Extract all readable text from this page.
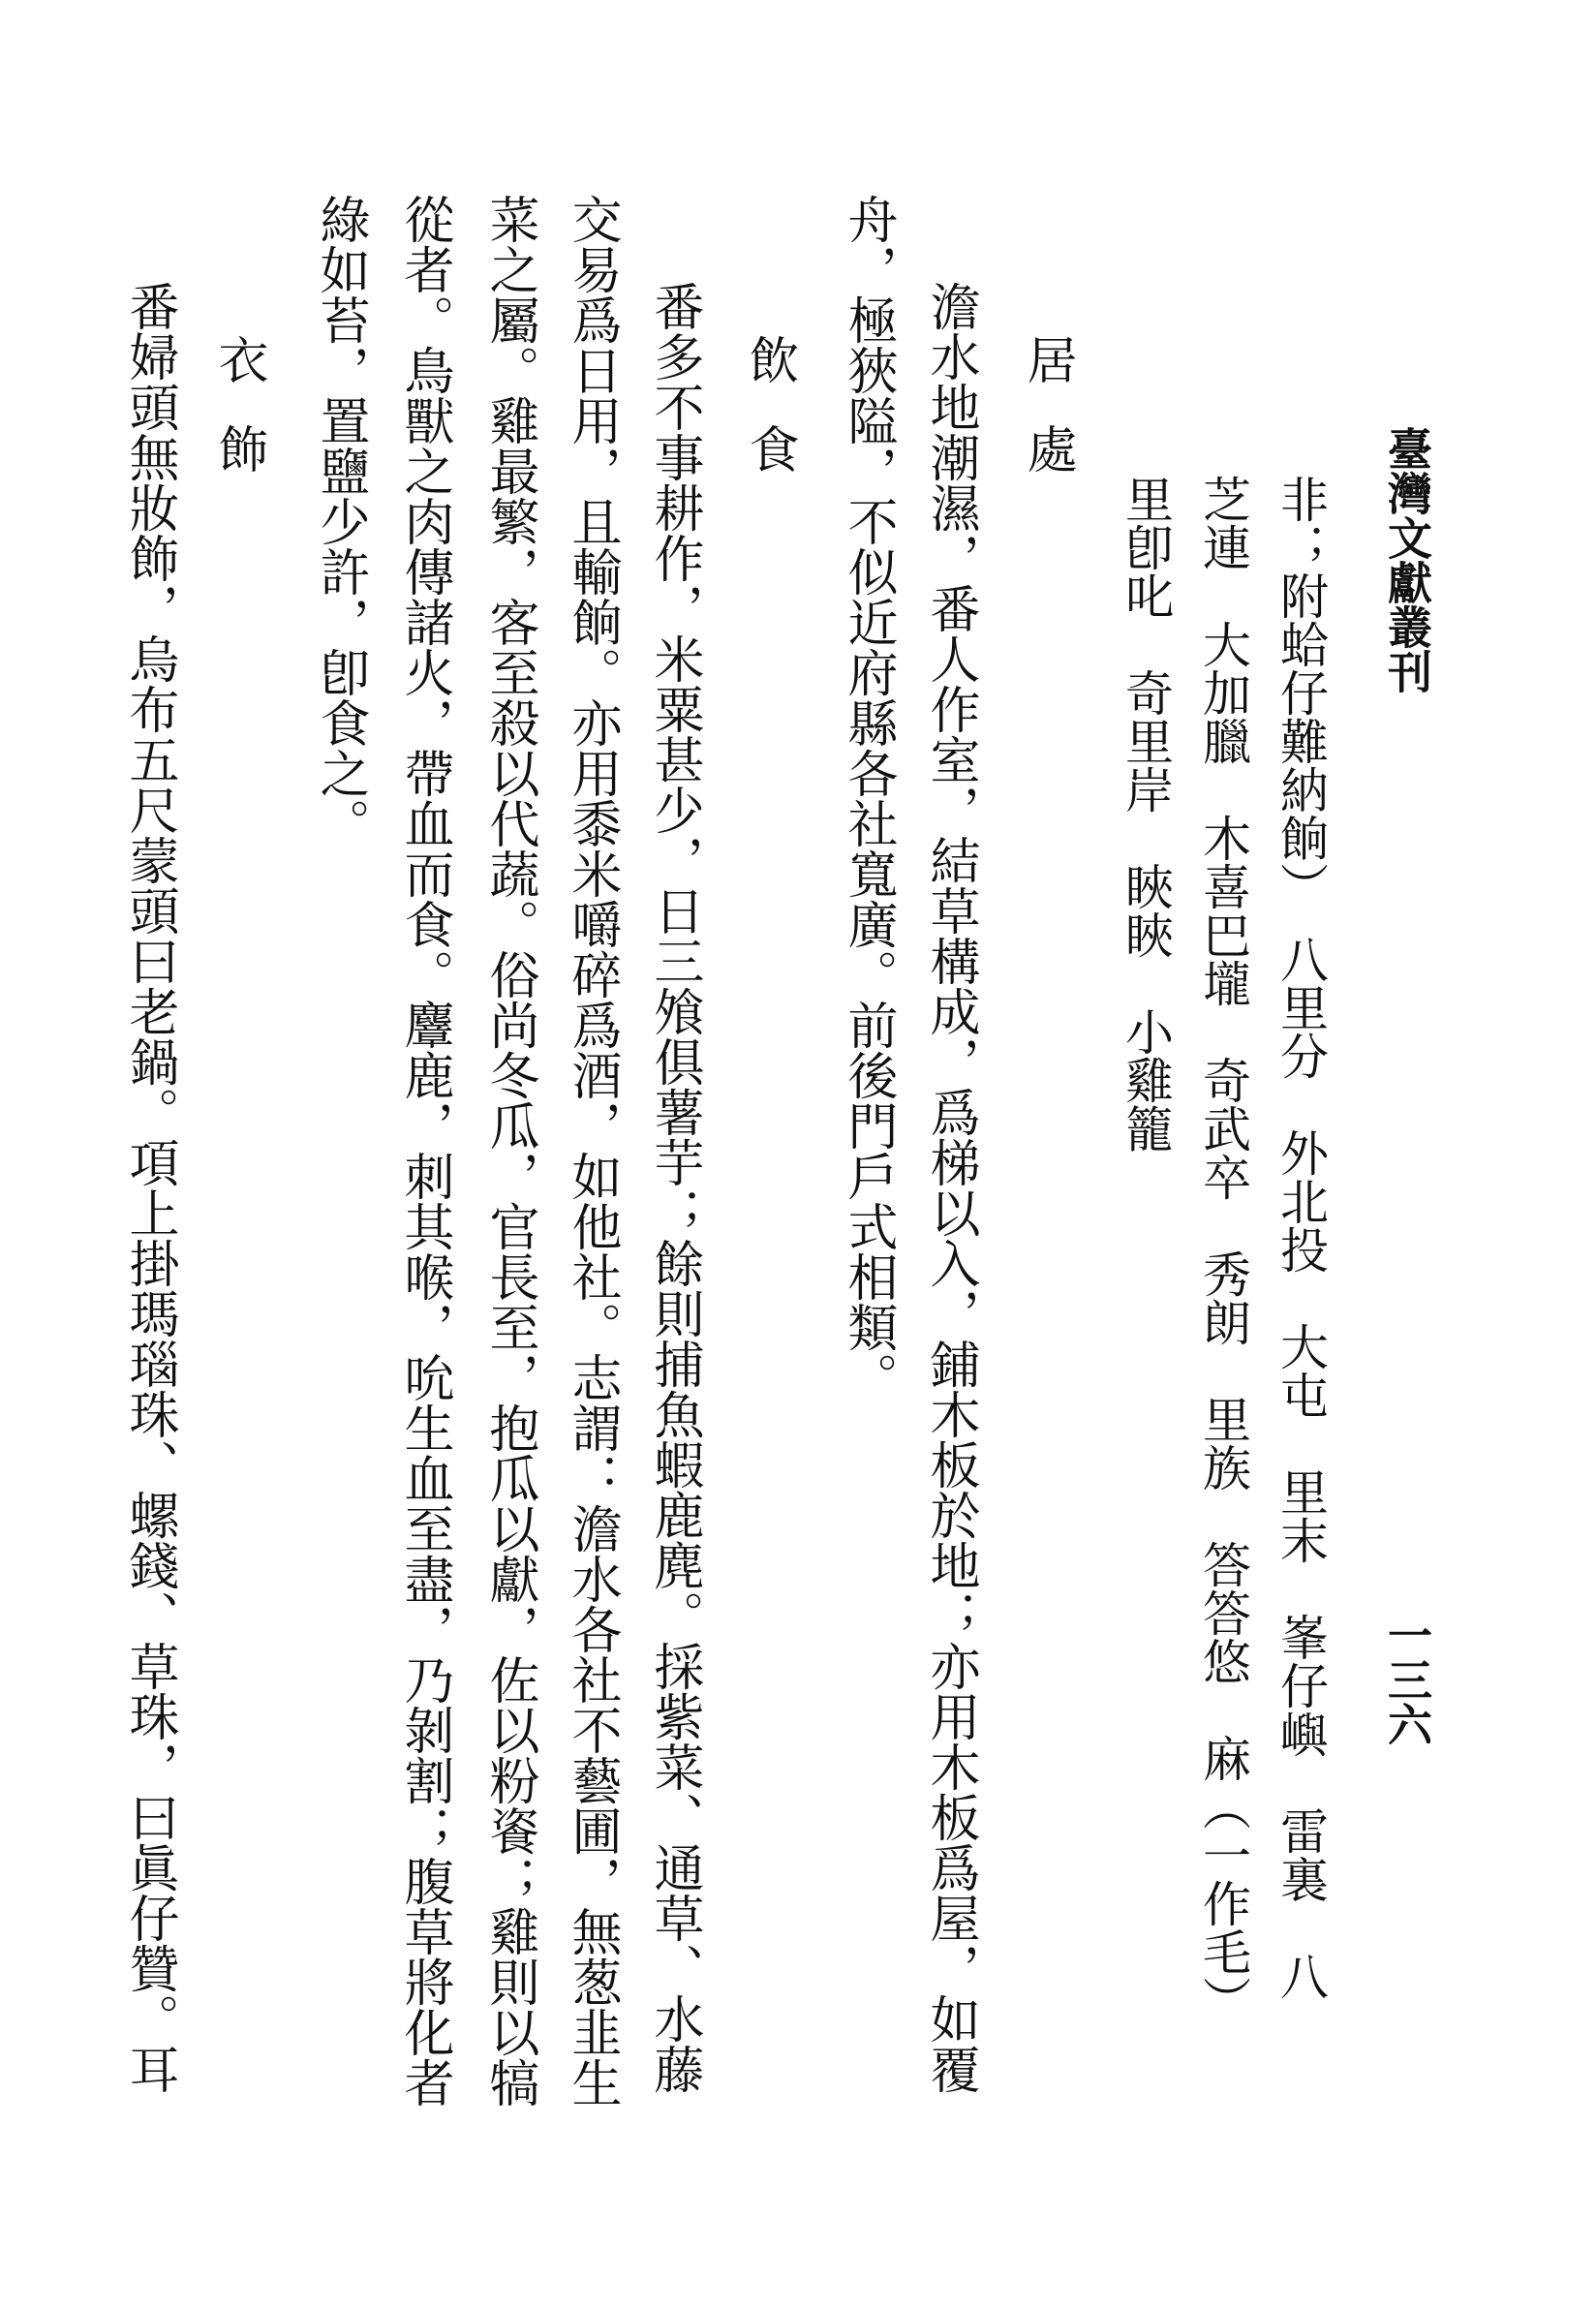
臺灣文獻叢刊
一三六
非；附蛤仔難納餉）　八里分　外北投　大屯　里末　峯仔嶼　雷裏　八
芝連　大加臘　木喜巴壠　奇武卒　秀朗　里族　答答悠　麻（一作毛）
里卽叱　奇里岸　䀹䀹　小雞籠
居處
澹水地潮濕，番人作室，結草構成，爲梯以入，鋪木板於地；亦用木板爲屋，如覆
舟，極狹隘，不似近府縣各社寬廣。前後門戶式相類。
飲食
番多不事耕作，米粟甚少，日三飧俱薯芋；餘則捕魚蝦鹿麂。採紫菜、通草、水藤
交易爲日用，且輸餉。亦用黍米嚼碎爲酒，如他社。志謂：澹水各社不藝圃，無葱韭生
菜之屬。雞最繁，客至殺以代蔬。俗尚冬瓜，官長至，抱瓜以獻，佐以粉餈；雞則以犒
從者。鳥獸之肉傳諸火，帶血而食。麞鹿，刺其喉，吮生血至盡，乃剝割；腹草將化者
綠如苔，置鹽少許，卽食之。
衣飾
番婦頭無妝飾，烏布五尺蒙頭曰老鍋。項上掛瑪瑙珠、螺錢、草珠，曰眞仔贊。耳
